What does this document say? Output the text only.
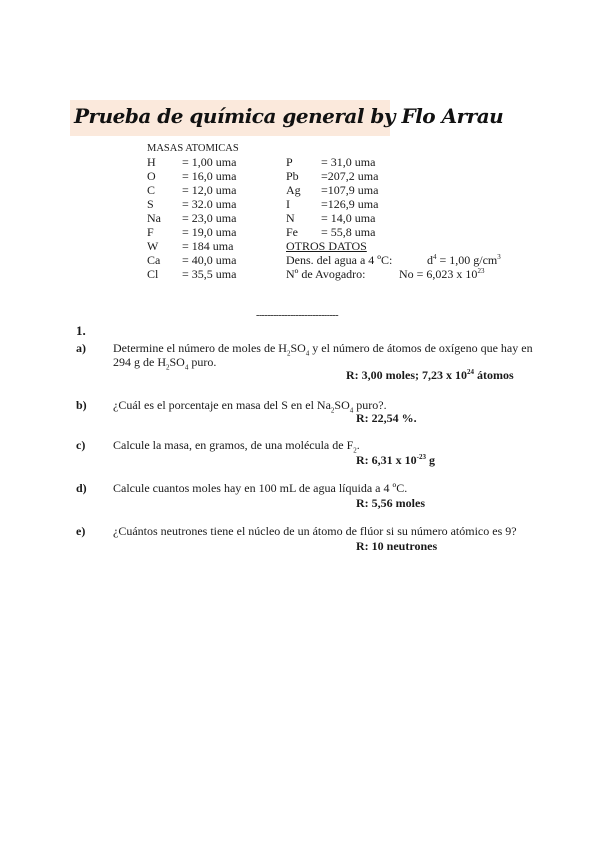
Prueba de química general by Flo Arrau
MASAS ATOMICAS
H = 1,00 uma	P = 31,0 uma
O = 16,0 uma	Pb =207,2 uma
C = 12,0 uma	Ag =107,9 uma
S = 32.0 uma	I	=126,9 uma
Na = 23,0 uma	N = 14,0 uma
F = 19,0 uma	Fe = 55,8 uma
W = 184 uma	OTROS DATOS
Ca = 40,0 uma	Dens. del agua a 4 ºC:	$d^4 = 1,00$ $g/cm^3$
Cl = 35,5 uma	Nº de Avogadro:	No = 6,023 x $10^{23}$
-----------------------------
1.
a) Determine el número de moles de $H_2SO_4$ y el número de átomos de oxígeno que hay en 294 g de $H_2SO_4$ puro.
R: 3,00 moles; 7,23 x $10^{24}$ átomos
b) ¿Cuál es el porcentaje en masa del S en el $Na_2SO_4$ puro?.
R: 22,54 %.
c) Calcule la masa, en gramos, de una molécula de $F_2$.
R: 6,31 x $10^{-23}$ g
d) Calcule cuantos moles hay en 100 mL de agua líquida a 4 ºC.
R: 5,56 moles
e) ¿Cuántos neutrones tiene el núcleo de un átomo de flúor si su número atómico es 9?
R: 10 neutrones
